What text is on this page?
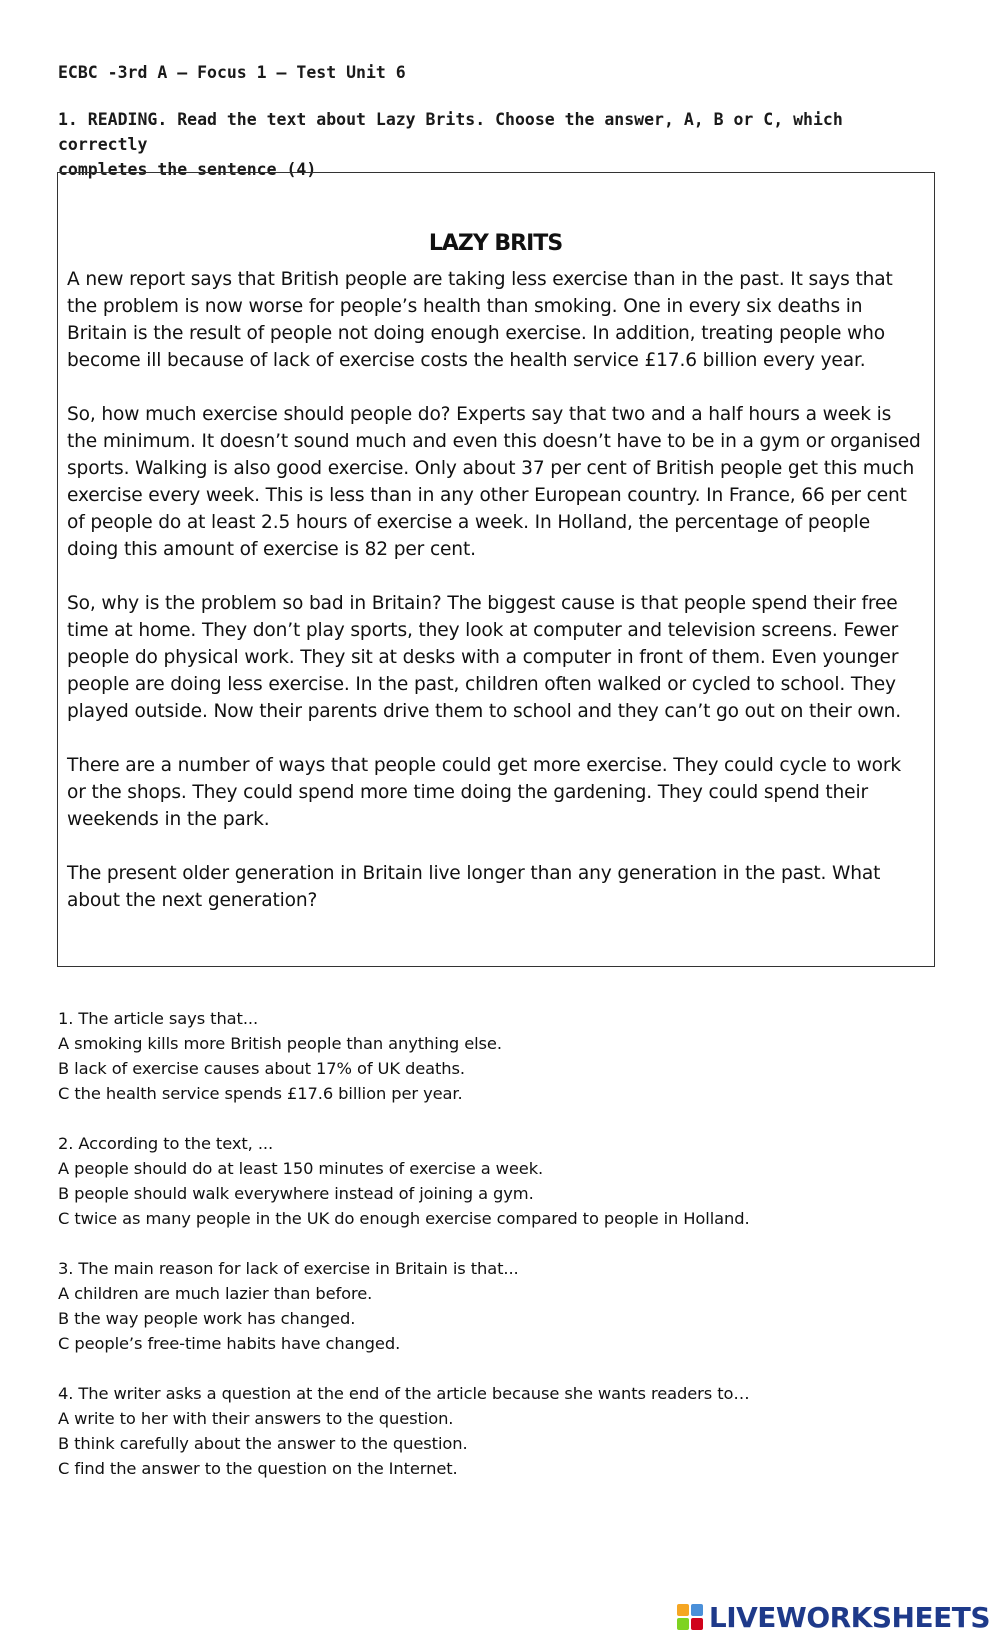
ECBC -3rd A – Focus 1 – Test Unit 6
1. READING. Read the text about Lazy Brits. Choose the answer, A, B or C, which correctly
completes the sentence (4)
LAZY BRITS

A new report says that British people are taking less exercise than in the past. It says that the problem is now worse for people’s health than smoking. One in every six deaths in Britain is the result of people not doing enough exercise. In addition, treating people who become ill because of lack of exercise costs the health service £17.6 billion every year.

So, how much exercise should people do? Experts say that two and a half hours a week is the minimum. It doesn’t sound much and even this doesn’t have to be in a gym or organised sports. Walking is also good exercise. Only about 37 per cent of British people get this much exercise every week. This is less than in any other European country. In France, 66 per cent of people do at least 2.5 hours of exercise a week. In Holland, the percentage of people doing this amount of exercise is 82 per cent.

So, why is the problem so bad in Britain? The biggest cause is that people spend their free time at home. They don’t play sports, they look at computer and television screens. Fewer people do physical work. They sit at desks with a computer in front of them. Even younger people are doing less exercise. In the past, children often walked or cycled to school. They played outside. Now their parents drive them to school and they can’t go out on their own.

There are a number of ways that people could get more exercise. They could cycle to work or the shops. They could spend more time doing the gardening. They could spend their weekends in the park.

The present older generation in Britain live longer than any generation in the past. What about the next generation?

1. The article says that...
A smoking kills more British people than anything else.
B lack of exercise causes about 17% of UK deaths.
C the health service spends £17.6 billion per year.
2. According to the text, ...
A people should do at least 150 minutes of exercise a week.
B people should walk everywhere instead of joining a gym.
C twice as many people in the UK do enough exercise compared to people in Holland.
3. The main reason for lack of exercise in Britain is that...
A children are much lazier than before.
B the way people work has changed.
C people’s free-time habits have changed.
4. The writer asks a question at the end of the article because she wants readers to…
A write to her with their answers to the question.
B think carefully about the answer to the question.
C find the answer to the question on the Internet.
LIVEWORKSHEETS
